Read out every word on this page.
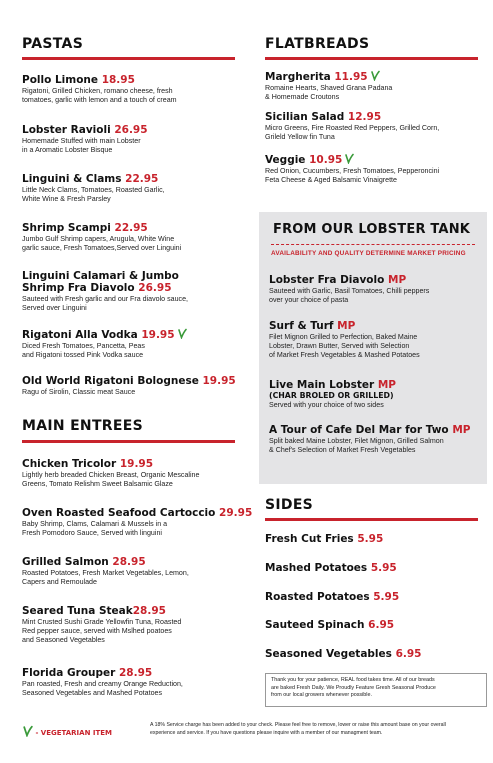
PASTAS
Pollo Limone 18.95
Rigatoni, Grilled Chicken, romano cheese, fresh
tomatoes, garlic with lemon and a touch of cream
Lobster Ravioli 26.95
Homemade Stuffed with main Lobster
in a Aromatic Lobster Bisque
Linguini & Clams 22.95
Little Neck Clams, Tomatoes, Roasted Garlic,
White Wine & Fresh Parsley
Shrimp Scampi 22.95
Jumbo Gulf Shrimp capers, Arugula, White Wine
garlic sauce, Fresh Tomatoes,Served over Linguini
Linguini Calamari & Jumbo
Shrimp Fra Diavolo 26.95
Sauteed with Fresh garlic and our Fra diavolo sauce,
Served over Linguini
Rigatoni Alla Vodka 19.95
Diced Fresh Tomatoes, Pancetta, Peas
and Rigatoni tossed Pink Vodka sauce
Old World Rigatoni Bolognese 19.95
Ragu of Sirolin, Classic meat Sauce
MAIN ENTREES
Chicken Tricolor 19.95
Lightly herb breaded Chicken Breast, Organic Mescaline
Greens, Tomato Relishm Sweet Balsamic Glaze
Oven Roasted Seafood Cartoccio 29.95
Baby Shrimp, Clams, Calamari & Mussels in a
Fresh Pomodoro Sauce, Served with linguini
Grilled Salmon 28.95
Roasted Potatoes, Fresh Market Vegetables, Lemon,
Capers and Remoulade
Seared Tuna Steak28.95
Mint Crusted Sushi Grade Yellowfin Tuna, Roasted
Red pepper sauce, served with Mslhed poatoes
and Seasoned Vegetables
Florida Grouper 28.95
Pan roasted, Fresh and creamy Orange Reduction,
Seasoned Vegetables and Mashed Potatoes
FLATBREADS
Margherita 11.95
Romaine Hearts, Shaved Grana Padana
& Homemade Croutons
Sicilian Salad 12.95
Micro Greens, Fire Roasted Red Peppers, Grilled Corn,
Grileld Yellow fin Tuna
Veggie 10.95
Red Onion, Cucumbers, Fresh Tomatoes, Pepperoncini
Feta Cheese & Aged Balsamic Vinaigrette
FROM OUR LOBSTER TANK
AVAILABILITY AND QUALITY DETERMINE MARKET PRICING
Lobster Fra Diavolo MP
Sauteed with Garlic, Basil Tomatoes, Chilli peppers
over your choice of pasta
Surf & Turf MP
Filet Mignon Grilled to Perfection, Baked Maine
Lobster, Drawn Butter, Served with Selection
of Market Fresh Vegetables & Mashed Potatoes
Live Main Lobster MP
(CHAR BROLED OR GRILLED)
Served with your choice of two sides
A Tour of Cafe Del Mar for Two MP
Split baked Maine Lobster, Filet Mignon, Grilled Salmon
& Chef's Selection of Market Fresh Vegetables
SIDES
Fresh Cut Fries 5.95
Mashed Potatoes 5.95
Roasted Potatoes 5.95
Sauteed Spinach 6.95
Seasoned Vegetables 6.95
Thank you for your patience, REAL food takes time. All of our breads
are baked Fresh Daily. We Proudly Feature Gresh Seasonal Produce
from our local growers whenever possible.
- VEGETARIAN ITEM
A 18% Service charge has been added to your check. Please feel free to remove, lower or raise this amount base on your overall
experience and service. If you have questions please inquire with a member of our managment team.
